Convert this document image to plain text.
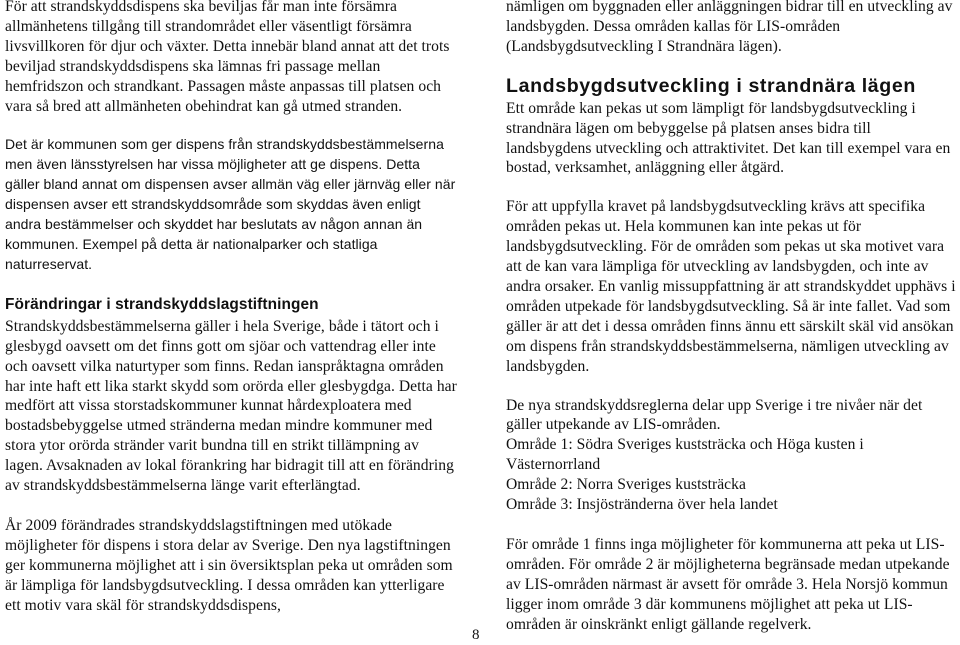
För att strandskyddsdispens ska beviljas får man inte försämra allmänhetens tillgång till strandområdet eller väsentligt försämra livsvillkoren för djur och växter. Detta innebär bland annat att det trots beviljad strandskyddsdispens ska lämnas fri passage mellan hemfridszon och strandkant. Passagen måste anpassas till platsen och vara så bred att allmänheten obehindrat kan gå utmed stranden.

Det är kommunen som ger dispens från strandskyddsbestämmelserna men även länsstyrelsen har vissa möjligheter att ge dispens. Detta gäller bland annat om dispensen avser allmän väg eller järnväg eller när dispensen avser ett strandskyddsområde som skyddas även enligt andra bestämmelser och skyddet har beslutats av någon annan än kommunen. Exempel på detta är nationalparker och statliga naturreservat.

Förändringar i strandskyddslagstiftningen

Strandskyddsbestämmelserna gäller i hela Sverige, både i tätort och i glesbygd oavsett om det finns gott om sjöar och vattendrag eller inte och oavsett vilka naturtyper som finns. Redan ianspråktagna områden har inte haft ett lika starkt skydd som orörda eller glesbygdga. Detta har medfört att vissa storstadskommuner kunnat hårdexploatera med bostadsbebyggelse utmed stränderna medan mindre kommuner med stora ytor orörda stränder varit bundna till en strikt tillämpning av lagen. Avsaknaden av lokal förankring har bidragit till att en förändring av strandskyddsbestämmelserna länge varit efterlängtad.

År 2009 förändrades strandskyddslagstiftningen med utökade möjligheter för dispens i stora delar av Sverige. Den nya lagstiftningen ger kommunerna möjlighet att i sin översiktsplan peka ut områden som är lämpliga för landsbygdsutveckling. I dessa områden kan ytterligare ett motiv vara skäl för strandskyddsdispens,

nämligen om byggnaden eller anläggningen bidrar till en utveckling av landsbygden. Dessa områden kallas för LIS-områden (Landsbygdsutveckling I Strandnära lägen).

Landsbygdsutveckling i strandnära lägen

Ett område kan pekas ut som lämpligt för landsbygdsutveckling i strandnära lägen om bebyggelse på platsen anses bidra till landsbygdens utveckling och attraktivitet. Det kan till exempel vara en bostad, verksamhet, anläggning eller åtgärd.

För att uppfylla kravet på landsbygdsutveckling krävs att specifika områden pekas ut. Hela kommunen kan inte pekas ut för landsbygdsutveckling. För de områden som pekas ut ska motivet vara att de kan vara lämpliga för utveckling av landsbygden, och inte av andra orsaker. En vanlig missuppfattning är att strandskyddet upphävs i områden utpekade för landsbygdsutveckling. Så är inte fallet. Vad som gäller är att det i dessa områden finns ännu ett särskilt skäl vid ansökan om dispens från strandskyddsbestämmelserna, nämligen utveckling av landsbygden.

De nya strandskyddsreglerna delar upp Sverige i tre nivåer när det gäller utpekande av LIS-områden.

Område 1: Södra Sveriges kuststräcka och Höga kusten i Västernorrland

Område 2: Norra Sveriges kuststräcka

Område 3: Insjöstränderna över hela landet

För område 1 finns inga möjligheter för kommunerna att peka ut LIS-områden. För område 2 är möjligheterna begränsade medan utpekande av LIS-områden närmast är avsett för område 3. Hela Norsjö kommun ligger inom område 3 där kommunens möjlighet att peka ut LIS-områden är oinskränkt enligt gällande regelverk.

8
